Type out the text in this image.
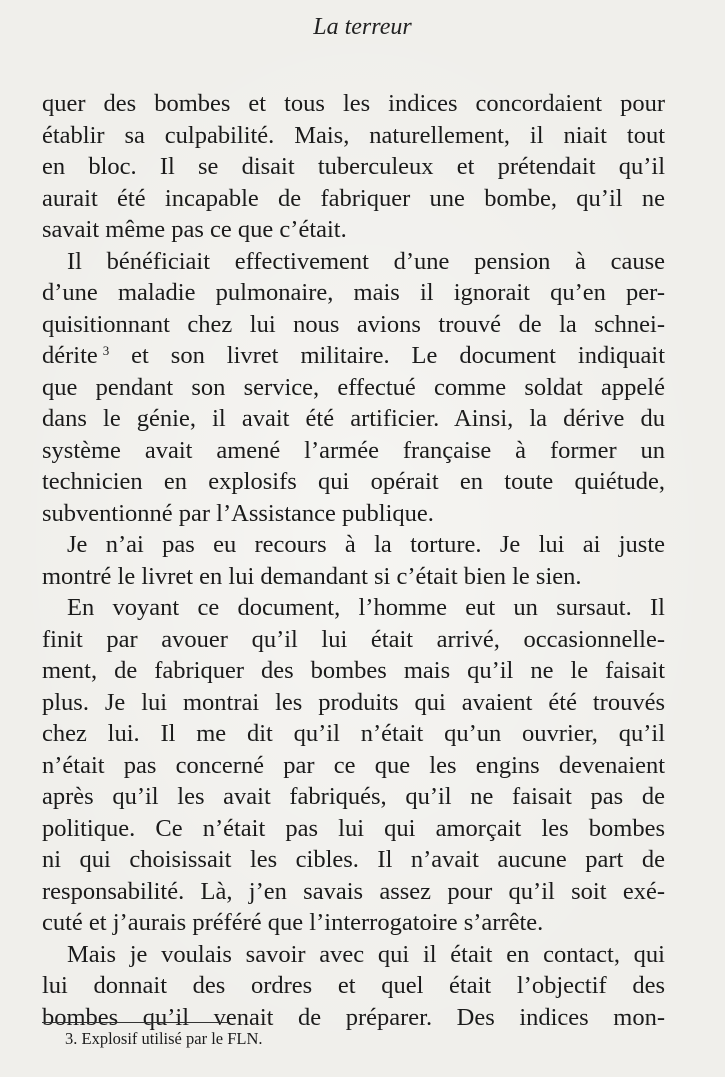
La terreur
quer des bombes et tous les indices concordaient pour
établir sa culpabilité. Mais, naturellement, il niait tout
en bloc. Il se disait tuberculeux et prétendait qu’il
aurait été incapable de fabriquer une bombe, qu’il ne
savait même pas ce que c’était.
Il bénéficiait effectivement d’une pension à cause
d’une maladie pulmonaire, mais il ignorait qu’en per-
quisitionnant chez lui nous avions trouvé de la schnei-
dérite  $^3$ et son livret militaire. Le document indiquait
que pendant son service, effectué comme soldat appelé
dans le génie, il avait été artificier. Ainsi, la dérive du
système avait amené l’armée française à former un
technicien en explosifs qui opérait en toute quiétude,
subventionné par l’Assistance publique.
Je n’ai pas eu recours à la torture. Je lui ai juste
montré le livret en lui demandant si c’était bien le sien.
En voyant ce document, l’homme eut un sursaut. Il
finit par avouer qu’il lui était arrivé, occasionnelle-
ment, de fabriquer des bombes mais qu’il ne le faisait
plus. Je lui montrai les produits qui avaient été trouvés
chez lui. Il me dit qu’il n’était qu’un ouvrier, qu’il
n’était pas concerné par ce que les engins devenaient
après qu’il les avait fabriqués, qu’il ne faisait pas de
politique. Ce n’était pas lui qui amorçait les bombes
ni qui choisissait les cibles. Il n’avait aucune part de
responsabilité. Là, j’en savais assez pour qu’il soit exé-
cuté et j’aurais préféré que l’interrogatoire s’arrête.
Mais je voulais savoir avec qui il était en contact, qui
lui donnait des ordres et quel était l’objectif des
bombes qu’il venait de préparer. Des indices mon-
3. Explosif utilisé par le FLN.
